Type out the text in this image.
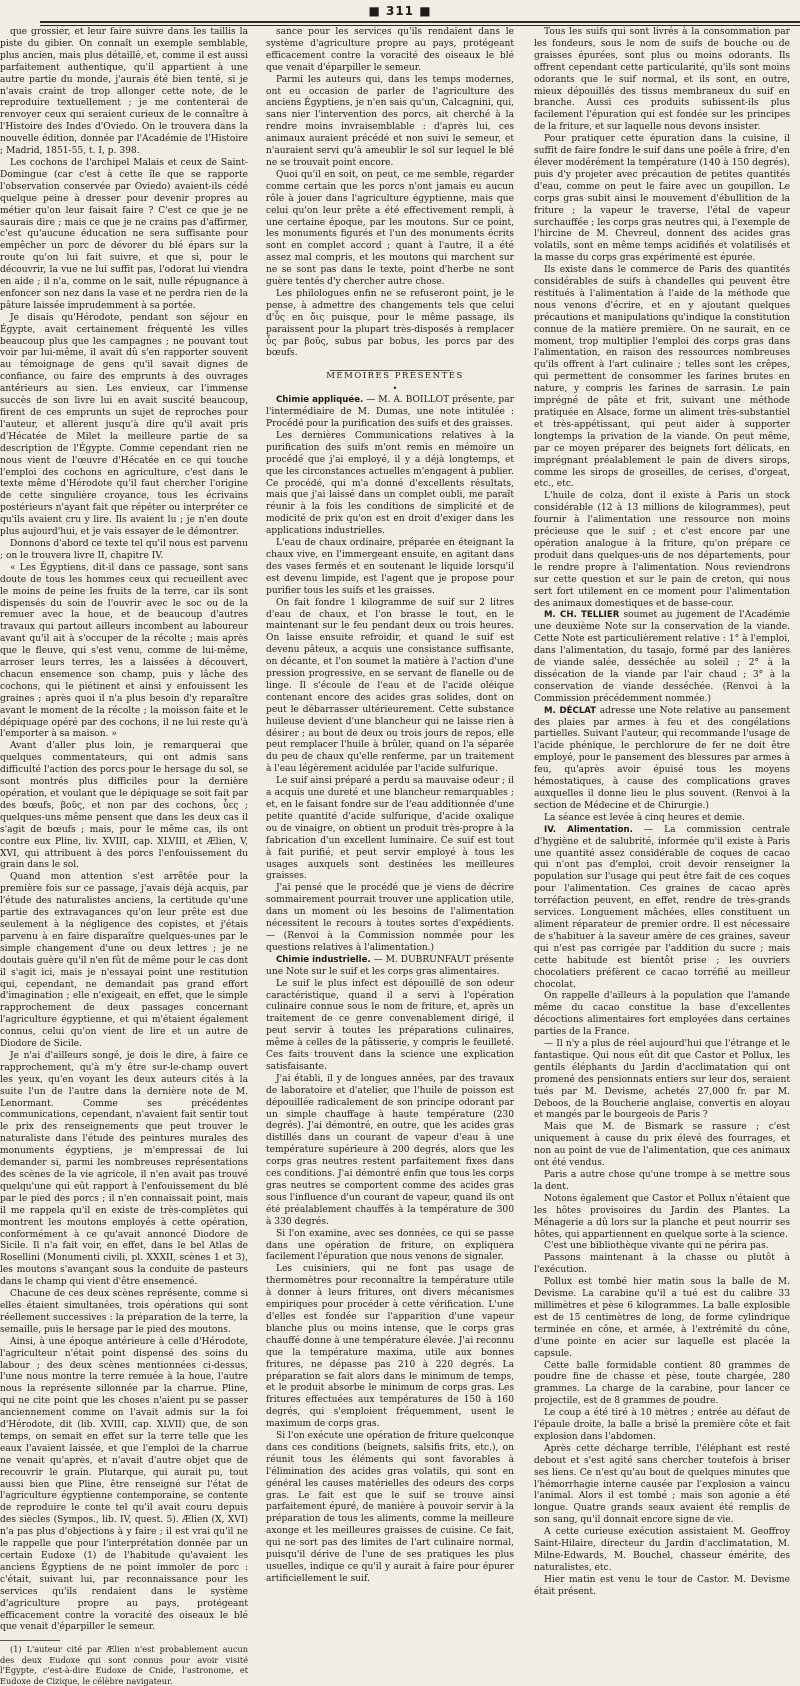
■ 311 ■

que grossier, et leur faire suivre dans les taillis la piste du gibier. On connaît un exemple semblable, plus ancien, mais plus détaillé, et, comme il est aussi parfaitement authentique, qu'il appartient à une autre partie du monde, j'aurais été bien tenté, si je n'avais craint de trop allonger cette note, de le reproduire textuellement ; je me contenterai de renvoyer ceux qui seraient curieux de le connaître à l'Histoire des Indes d'Oviedo. On le trouvera dans la nouvelle édition, donnée par l'Académie de l'Histoire ; Madrid, 1851-55, t. I, p. 398.

Les cochons de l'archipel Malais et ceux de Saint-Domingue (car c'est à cette île que se rapporte l'observation conservée par Oviedo) avaient-ils cédé quelque peine à dresser pour devenir propres au métier qu'on leur faisait faire ? C'est ce que je ne saurais dire ; mais ce que je ne crains pas d'affirmer, c'est qu'aucune éducation ne sera suffisante pour empêcher un porc de dévorer du blé épars sur la route qu'on lui fait suivre, et que si, pour le découvrir, la vue ne lui suffit pas, l'odorat lui viendra en aide ; il n'a, comme on le sait, nulle répugnance à enfoncer son nez dans la vase et ne perdra rien de la pâture laissée imprudemment à sa portée.

Je disais qu'Hérodote, pendant son séjour en Égypte, avait certainement fréquenté les villes beaucoup plus que les campagnes ; ne pouvant tout voir par lui-même, il avait dû s'en rapporter souvent au témoignage de gens qu'il savait dignes de confiance, ou faire des emprunts à des ouvrages antérieurs au sien. Les envieux, car l'immense succès de son livre lui en avait suscité beaucoup, firent de ces emprunts un sujet de reproches pour l'auteur, et allèrent jusqu'à dire qu'il avait pris d'Hécatée de Milet la meilleure partie de sa description de l'Égypte. Comme cependant rien ne nous vient de l'œuvre d'Hécatée en ce qui touche l'emploi des cochons en agriculture, c'est dans le texte même d'Hérodote qu'il faut chercher l'origine de cette singulière croyance, tous les écrivains postérieurs n'ayant fait que répéter ou interpréter ce qu'ils avaient cru y lire. Ils avaient lu ; je n'en doute plus aujourd'hui, et je vais essayer de le démontrer.

Donnons d'abord ce texte tel qu'il nous est parvenu ; on le trouvera livre II, chapitre IV.

« Les Égyptiens, dit-il dans ce passage, sont sans doute de tous les hommes ceux qui recueillent avec le moins de peine les fruits de la terre, car ils sont dispensés du soin de l'ouvrir avec le soc ou de la remuer avec la houe, et de beaucoup d'autres travaux qui partout ailleurs incombent au laboureur avant qu'il ait à s'occuper de la récolte ; mais après que le fleuve, qui s'est venu, comme de lui-même, arroser leurs terres, les a laissées à découvert, chacun ensemence son champ, puis y lâche des cochons, qui le piétinent et ainsi y enfouissent les graines ; après quoi il n'a plus besoin d'y reparaître avant le moment de la récolte ; la moisson faite et le dépiquage opéré par des cochons, il ne lui reste qu'à l'emporter à sa maison. »

Avant d'aller plus loin, je remarquerai que quelques commentateurs, qui ont admis sans difficulté l'action des porcs pour le hersage du sol, se sont montrés plus difficiles pour la dernière opération, et voulant que le dépiquage se soit fait par des bœufs, βοῦς, et non par des cochons, ὗες ; quelques-uns même pensent que dans les deux cas il s'agit de bœufs ; mais, pour le même cas, ils ont contre eux Pline, liv. XVIII, cap. XLVIII, et Ælien, V, XVI, qui attribuent à des porcs l'enfouissement du grain dans le sol.

Quand mon attention s'est arrêtée pour la première fois sur ce passage, j'avais déjà acquis, par l'étude des naturalistes anciens, la certitude qu'une partie des extravagances qu'on leur prête est due seulement à la négligence des copistes, et j'étais parvenu à en faire disparaître quelques-unes par le simple changement d'une ou deux lettres ; je ne doutais guère qu'il n'en fût de même pour le cas dont il s'agit ici, mais je n'essayai point une restitution qui, cependant, ne demandait pas grand effort d'imagination ; elle n'exigeait, en effet, que le simple rapprochement de deux passages concernant l'agriculture égyptienne, et qui m'étaient également connus, celui qu'on vient de lire et un autre de Diodore de Sicile.

Je n'ai d'ailleurs songé, je dois le dire, à faire ce rapprochement, qu'à m'y être sur-le-champ ouvert les yeux, qu'en voyant les deux auteurs cités à la suite l'un de l'autre dans la dernière note de M. Lenormant. Comme ses précédentes communications, cependant, n'avaient fait sentir tout le prix des renseignements que peut trouver le naturaliste dans l'étude des peintures murales des monuments égyptiens, je m'empressai de lui demander si, parmi les nombreuses représentations des scènes de la vie agricole, il n'en avait pas trouvé quelqu'une qui eût rapport à l'enfouissement du blé par le pied des porcs ; il n'en connaissait point, mais il me rappela qu'il en existe de très-complètes qui montrent les moutons employés à cette opération, conformément à ce qu'avait annoncé Diodore de Sicile. Il n'a fait voir, en effet, dans le bel Atlas de Rosellini (Monumenti civili, pl. XXXII, scènes 1 et 3), les moutons s'avançant sous la conduite de pasteurs dans le champ qui vient d'être ensemencé.

Chacune de ces deux scènes représente, comme si elles étaient simultanées, trois opérations qui sont réellement successives : la préparation de la terre, la semaille, puis le hersage par le pied des moutons.

Ainsi, à une époque antérieure à celle d'Hérodote, l'agriculteur n'était point dispensé des soins du labour ; des deux scènes mentionnées ci-dessus, l'une nous montre la terre remuée à la houe, l'autre nous la représente sillonnée par la charrue. Pline, qui ne cite point que les choses n'aient pu se passer anciennement comme on l'avait admis sur la foi d'Hérodote, dit (lib. XVIII, cap. XLVII) que, de son temps, on semait en effet sur la terre telle que les eaux l'avaient laissée, et que l'emploi de la charrue ne venait qu'après, et n'avait d'autre objet que de recouvrir le grain. Plutarque, qui aurait pu, tout aussi bien que Pline, être renseigné sur l'état de l'agriculture égyptienne contemporaine, se contente de reproduire le conte tel qu'il avait couru depuis des siècles (Sympos., lib. IV, quest. 5). Ælien (X, XVI) n'a pas plus d'objections à y faire ; il est vrai qu'il ne le rappelle que pour l'interprétation donnée par un certain Eudoxe (1) de l'habitude qu'avaient les anciens Égyptiens de ne point immoler de porc : c'était, suivant lui, par reconnaissance pour les services qu'ils rendaient dans le système d'agriculture propre au pays, protégeant efficacement contre la voracité des oiseaux le blé que venait d'éparpiller le semeur.

(1) L'auteur cité par Ælien n'est probablement aucun des deux Eudoxe qui sont connus pour avoir visité l'Égypte, c'est-à-dire Eudoxe de Cnide, l'astronome, et Eudoxe de Cizique, le célèbre navigateur.

sance pour les services qu'ils rendaient dans le système d'agriculture propre au pays, protégeant efficacement contre la voracité des oiseaux le blé que venait d'éparpiller le semeur.

Parmi les auteurs qui, dans les temps modernes, ont eu occasion de parler de l'agriculture des anciens Égyptiens, je n'en sais qu'un, Calcagnini, qui, sans nier l'intervention des porcs, ait cherché à la rendre moins invraisemblable : d'après lui, ces animaux auraient précédé et non suivi le semeur, et n'auraient servi qu'à ameublir le sol sur lequel le blé ne se trouvait point encore.

Quoi qu'il en soit, on peut, ce me semble, regarder comme certain que les porcs n'ont jamais eu aucun rôle à jouer dans l'agriculture égyptienne, mais que celui qu'on leur prête a été effectivement rempli, à une certaine époque, par les moutons. Sur ce point, les monuments figurés et l'un des monuments écrits sont en complet accord ; quant à l'autre, il a été assez mal compris, et les moutons qui marchent sur ne se sont pas dans le texte, point d'herbe ne sont guère tentés d'y chercher autre chose.

Les philologues enfin ne se refuseront point, je le pense, à admettre des changements tels que celui d'ὗς en ὄις puisque, pour le même passage, ils paraissent pour la plupart très-disposés à remplacer ὗς par βοῦς, subus par bobus, les porcs par des bœufs.

MÉMOIRES PRÉSENTÉS

•

Chimie appliquée. — M. A. BOILLOT présente, par l'intermédiaire de M. Dumas, une note intitulée : Procédé pour la purification des suifs et des graisses.

Les dernières Communications relatives à la purification des suifs m'ont remis en mémoire un procédé que j'ai employé, il y a déjà longtemps, et que les circonstances actuelles m'engagent à publier. Ce procédé, qui m'a donné d'excellents résultats, mais que j'ai laissé dans un complet oubli, me paraît réunir à la fois les conditions de simplicité et de modicité de prix qu'on est en droit d'exiger dans les applications industrielles.

L'eau de chaux ordinaire, préparée en éteignant la chaux vive, en l'immergeant ensuite, en agitant dans des vases fermés et en soutenant le liquide lorsqu'il est devenu limpide, est l'agent que je propose pour purifier tous les suifs et les graisses.

On fait fondre 1 kilogramme de suif sur 2 litres d'eau de chaux, et l'on brasse le tout, en le maintenant sur le feu pendant deux ou trois heures. On laisse ensuite refroidir, et quand le suif est devenu pâteux, a acquis une consistance suffisante, on décante, et l'on soumet la matière à l'action d'une pression progressive, en se servant de flanelle ou de linge. Il s'écoule de l'eau et de l'acide oléique contenant encore des acides gras solides, dont on peut le débarrasser ultérieurement. Cette substance huileuse devient d'une blancheur qui ne laisse rien à désirer ; au bout de deux ou trois jours de repos, elle peut remplacer l'huile à brûler, quand on l'a séparée du peu de chaux qu'elle renferme, par un traitement à l'eau légèrement acidulée par l'acide sulfurique.

Le suif ainsi préparé a perdu sa mauvaise odeur ; il a acquis une dureté et une blancheur remarquables ; et, en le faisant fondre sur de l'eau additionnée d'une petite quantité d'acide sulfurique, d'acide oxalique ou de vinaigre, on obtient un produit très-propre à la fabrication d'un excellent luminaire. Ce suif est tout à fait purifié, et peut servir employé à tous les usages auxquels sont destinées les meilleures graisses.

J'ai pensé que le procédé que je viens de décrire sommairement pourrait trouver une application utile, dans un moment où les besoins de l'alimentation nécessitent le recours à toutes sortes d'expédients. — (Renvoi à la Commission nommée pour les questions relatives à l'alimentation.)

Chimie industrielle. — M. DUBRUNFAUT présente une Note sur le suif et les corps gras alimentaires.

Le suif le plus infect est dépouillé de son odeur caractéristique, quand il a servi à l'opération culinaire connue sous le nom de friture, et, après un traitement de ce genre convenablement dirigé, il peut servir à toutes les préparations culinaires, même à celles de la pâtisserie, y compris le feuilleté. Ces faits trouvent dans la science une explication satisfaisante.

J'ai établi, il y de longues années, par des travaux de laboratoire et d'atelier, que l'huile de poisson est dépouillée radicalement de son principe odorant par un simple chauffage à haute température (230 degrés). J'ai démontré, en outre, que les acides gras distillés dans un courant de vapeur d'eau à une température supérieure à 200 degrés, alors que les corps gras neutres restent parfaitement fixes dans ces conditions. J'ai démontré enfin que tous les corps gras neutres se comportent comme des acides gras sous l'influence d'un courant de vapeur, quand ils ont été préalablement chauffés à la température de 300 à 330 degrés.

Si l'on examine, avec ses données, ce qui se passe dans une opération de friture, on expliquera facilement l'épuration que nous venons de signaler.

Les cuisiniers, qui ne font pas usage de thermomètres pour reconnaître la température utile à donner à leurs fritures, ont divers mécanismes empiriques pour procéder à cette vérification. L'une d'elles est fondée sur l'apparition d'une vapeur blanche plus ou moins intense, que le corps gras chauffé donne à une température élevée. J'ai reconnu que la température maxima, utile aux bonnes fritures, ne dépasse pas 210 à 220 degrés. La préparation se fait alors dans le minimum de temps, et le produit absorbe le minimum de corps gras. Les fritures effectuées aux températures de 150 à 160 degrés, qui s'emploient fréquemment, usent le maximum de corps gras.

Si l'on exécute une opération de friture quelconque dans ces conditions (beignets, salsifis frits, etc.), on réunit tous les éléments qui sont favorables à l'élimination des acides gras volatils, qui sont en général les causes matérielles des odeurs des corps gras. Le fait est que le suif se trouve ainsi parfaitement épuré, de manière à pouvoir servir à la préparation de tous les aliments, comme la meilleure axonge et les meilleures graisses de cuisine. Ce fait, qui ne sort pas des limites de l'art culinaire normal, puisqu'il dérive de l'une de ses pratiques les plus usuelles, indique ce qu'il y aurait à faire pour épurer artificiellement le suif.

Tous les suifs qui sont livrés à la consommation par les fondeurs, sous le nom de suifs de bouche ou de graisses épurées, sont plus ou moins odorants. Ils offrent cependant cette particularité, qu'ils sont moins odorants que le suif normal, et ils sont, en outre, mieux dépouillés des tissus membraneux du suif en branche. Aussi ces produits subissent-ils plus facilement l'épuration qui est fondée sur les principes de la friture, et sur laquelle nous devons insister.

Pour pratiquer cette épuration dans la cuisine, il suffit de faire fondre le suif dans une poêle à frire, d'en élever modérément la température (140 à 150 degrés), puis d'y projeter avec précaution de petites quantités d'eau, comme on peut le faire avec un goupillon. Le corps gras subit ainsi le mouvement d'ébullition de la friture ; la vapeur le traverse, l'étal de vapeur surchauffée ; les corps gras neutres qui, à l'exemple de l'hircine de M. Chevreul, donnent des acides gras volatils, sont en même temps acidifiés et volatilisés et la masse du corps gras expérimenté est épurée.

Ils existe dans le commerce de Paris des quantités considérables de suifs à chandelles qui peuvent être restitués à l'alimentation à l'aide de la méthode que nous venons d'écrire, et en y ajoutant quelques précautions et manipulations qu'indique la constitution connue de la matière première. On ne saurait, en ce moment, trop multiplier l'emploi des corps gras dans l'alimentation, en raison des ressources nombreuses qu'ils offrent à l'art culinaire ; telles sont les crêpes, qui permettent de consommer les farines brutes en nature, y compris les farines de sarrasin. Le pain imprégné de pâte et frit, suivant une méthode pratiquée en Alsace, forme un aliment très-substantiel et très-appétissant, qui peut aider à supporter longtemps la privation de la viande. On peut même, par ce moyen préparer des beignets fort délicats, en imprégnant préalablement le pain de divers sirops, comme les sirops de groseilles, de cerises, d'orgeat, etc., etc.

L'huile de colza, dont il existe à Paris un stock considérable (12 à 13 millions de kilogrammes), peut fournir à l'alimentation une ressource non moins précieuse que le suif ; et c'est encore par une opération analogue à la friture, qu'on prépare ce produit dans quelques-uns de nos départements, pour le rendre propre à l'alimentation. Nous reviendrons sur cette question et sur le pain de creton, qui nous sert fort utilement en ce moment pour l'alimentation des animaux domestiques et de basse-cour.

M. CH. TELLIER soumet au jugement de l'Académie une deuxième Note sur la conservation de la viande. Cette Note est particulièrement relative : 1° à l'emploi, dans l'alimentation, du tasajo, formé par des lanières de viande salée, desséchée au soleil ; 2° à la dissécation de la viande par l'air chaud ; 3° à la conservation de viande desséchée. (Renvoi à la Commission précédemment nommée.)

M. DÉCLAT adresse une Note relative au pansement des plaies par armes à feu et des congélations partielles. Suivant l'auteur, qui recommande l'usage de l'acide phénique, le perchlorure de fer ne doit être employé, pour le pansement des blessures par armes à feu, qu'après avoir épuisé tous les moyens hémostatiques, à cause des complications graves auxquelles il donne lieu le plus souvent. (Renvoi à la section de Médecine et de Chirurgie.)

La séance est levée à cinq heures et demie.

IV. Alimentation. — La commission centrale d'hygiène et de salubrité, informée qu'il existe à Paris une quantité assez considérable de coques de cacao qui n'ont pas d'emploi, croit devoir renseigner la population sur l'usage qui peut être fait de ces coques pour l'alimentation. Ces graines de cacao après torréfaction peuvent, en effet, rendre de très-grands services. Longuement mâchées, elles constituent un aliment réparateur de premier ordre. Il est nécessaire de s'habituer à la saveur amère de ces graines, saveur qui n'est pas corrigée par l'addition du sucre ; mais cette habitude est bientôt prise ; les ouvriers chocolatiers préfèrent ce cacao torréfié au meilleur chocolat.

On rappelle d'ailleurs à la population que l'amande même du cacao constitue la base d'excellentes décoctions alimentaires fort employées dans certaines parties de la France.

— Il n'y a plus de réel aujourd'hui que l'étrange et le fantastique. Qui nous eût dit que Castor et Pollux, les gentils éléphants du Jardin d'acclimatation qui ont promené des pensionnats entiers sur leur dos, seraient tués par M. Devisme, achetés 27,000 fr. par M. Deboos, de la Boucherie anglaise, convertis en aloyau et mangés par le bourgeois de Paris ?

Mais que M. de Bismark se rassure ; c'est uniquement à cause du prix élevé des fourrages, et non au point de vue de l'alimentation, que ces animaux ont été vendus.

Paris a autre chose qu'une trompe à se mettre sous la dent.

Notons également que Castor et Pollux n'étaient que les hôtes provisoires du Jardin des Plantes. La Ménagerie a dû lors sur la planche et peut nourrir ses hôtes, qui appartiennent en quelque sorte à la science.

C'est une bibliothèque vivante qui ne périra pas.

Passons maintenant à la chasse ou plutôt à l'exécution.

Pollux est tombé hier matin sous la balle de M. Devisme. La carabine qu'il a tué est du calibre 33 millimètres et pèse 6 kilogrammes. La balle explosible est de 15 centimètres de long, de forme cylindrique terminée en cône, et armée, à l'extrémité du cône, d'une pointe en acier sur laquelle est placée la capsule.

Cette balle formidable contient 80 grammes de poudre fine de chasse et pèse, toute chargée, 280 grammes. La charge de la carabine, pour lancer ce projectile, est de 8 grammes de poudre.

Le coup a été tiré à 10 mètres ; entrée au défaut de l'épaule droite, la balle a brisé la première côte et fait explosion dans l'abdomen.

Après cette décharge terrible, l'éléphant est resté debout et s'est agité sans chercher toutefois à briser ses liens. Ce n'est qu'au bout de quelques minutes que l'hémorrhagie interne causée par l'explosion a vaincu l'animal. Alors il est tombé ; mais son agonie a été longue. Quatre grands seaux avaient été remplis de son sang, qu'il donnait encore signe de vie.

A cette curieuse exécution assistaient M. Geoffroy Saint-Hilaire, directeur du Jardin d'acclimatation, M. Milne-Edwards, M. Bouchel, chasseur émérite, des naturalistes, etc.

Hier matin est venu le tour de Castor. M. Devisme était présent.
